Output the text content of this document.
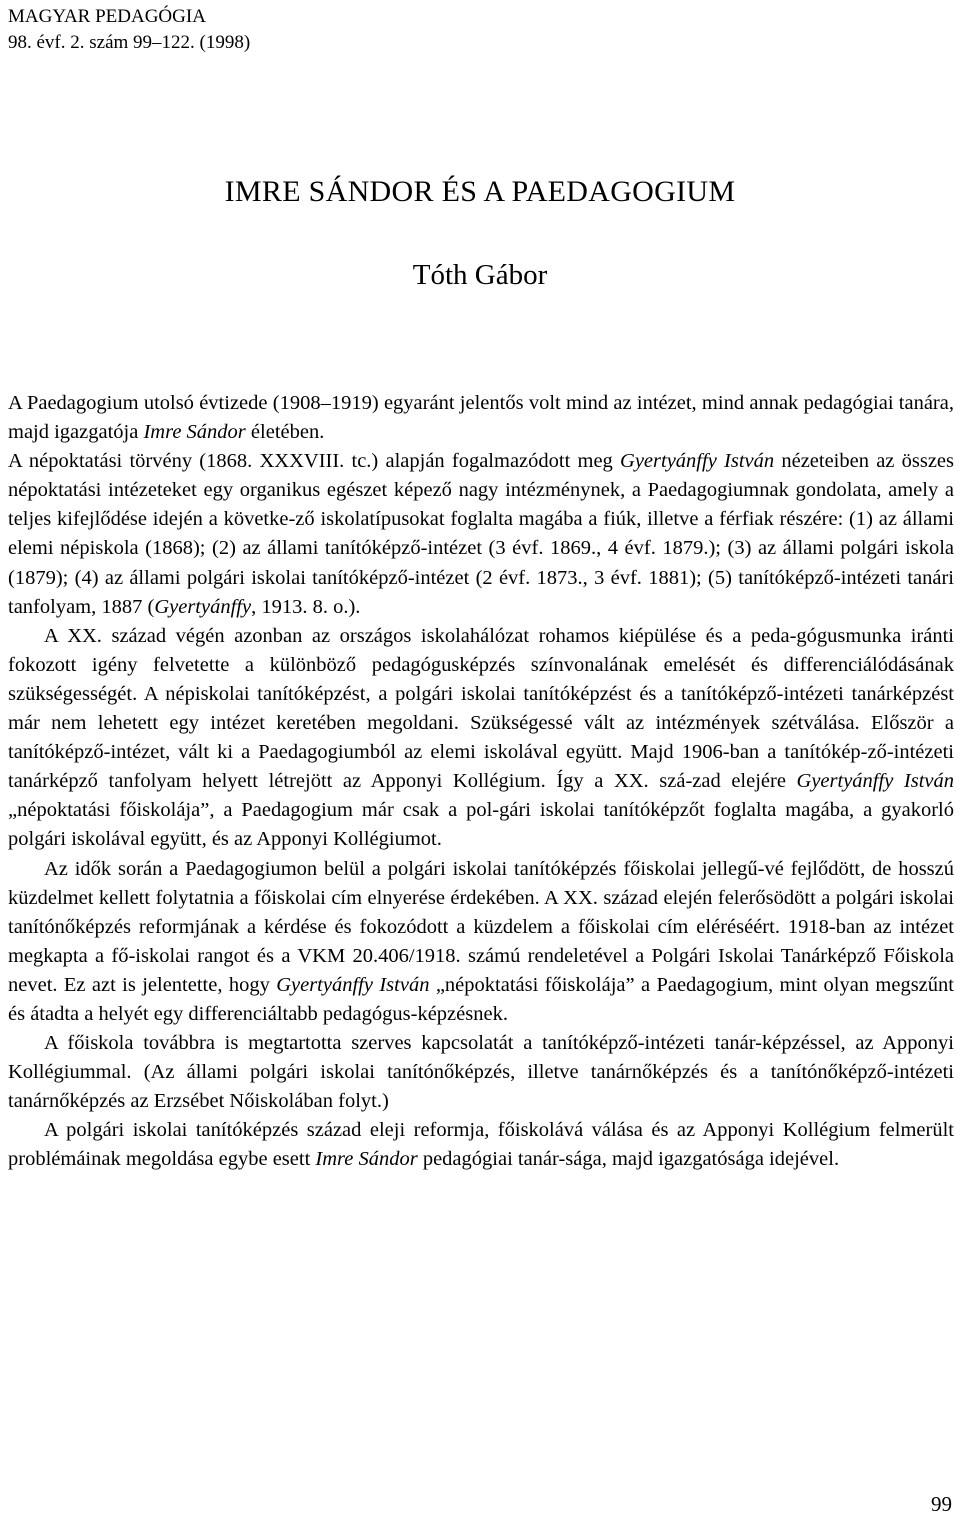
MAGYAR PEDAGÓGIA
98. évf. 2. szám 99–122. (1998)
IMRE SÁNDOR ÉS A PAEDAGOGIUM
Tóth Gábor

A Paedagogium utolsó évtizede (1908–1919) egyaránt jelentős volt mind az intézet, mind annak pedagógiai tanára, majd igazgatója Imre Sándor életében.

A népoktatási törvény (1868. XXXVIII. tc.) alapján fogalmazódott meg Gyertyánffy István nézeteiben az összes népoktatási intézeteket egy organikus egészet képező nagy intézménynek, a Paedagogiumnak gondolata, amely a teljes kifejlődése idején a követke-ző iskolatípusokat foglalta magába a fiúk, illetve a férfiak részére: (1) az állami elemi népiskola (1868); (2) az állami tanítóképző-intézet (3 évf. 1869., 4 évf. 1879.); (3) az állami polgári iskola (1879); (4) az állami polgári iskolai tanítóképző-intézet (2 évf. 1873., 3 évf. 1881); (5) tanítóképző-intézeti tanári tanfolyam, 1887 (Gyertyánffy, 1913. 8. o.).

A XX. század végén azonban az országos iskolahálózat rohamos kiépülése és a peda-gógusmunka iránti fokozott igény felvetette a különböző pedagógusképzés színvonalának emelését és differenciálódásának szükségességét. A népiskolai tanítóképzést, a polgári iskolai tanítóképzést és a tanítóképző-intézeti tanárképzést már nem lehetett egy intézet keretében megoldani. Szükségessé vált az intézmények szétválása. Először a tanítóképző-intézet, vált ki a Paedagogiumból az elemi iskolával együtt. Majd 1906-ban a tanítókép-ző-intézeti tanárképző tanfolyam helyett létrejött az Apponyi Kollégium. Így a XX. szá-zad elejére Gyertyánffy István „népoktatási főiskolája”, a Paedagogium már csak a pol-gári iskolai tanítóképzőt foglalta magába, a gyakorló polgári iskolával együtt, és az Apponyi Kollégiumot.

Az idők során a Paedagogiumon belül a polgári iskolai tanítóképzés főiskolai jellegű-vé fejlődött, de hosszú küzdelmet kellett folytatnia a főiskolai cím elnyerése érdekében. A XX. század elején felerősödött a polgári iskolai tanítónőképzés reformjának a kérdése és fokozódott a küzdelem a főiskolai cím eléréséért. 1918-ban az intézet megkapta a fő-iskolai rangot és a VKM 20.406/1918. számú rendeletével a Polgári Iskolai Tanárképző Főiskola nevet. Ez azt is jelentette, hogy Gyertyánffy István „népoktatási főiskolája” a Paedagogium, mint olyan megszűnt és átadta a helyét egy differenciáltabb pedagógus-képzésnek.

A főiskola továbbra is megtartotta szerves kapcsolatát a tanítóképző-intézeti tanár-képzéssel, az Apponyi Kollégiummal. (Az állami polgári iskolai tanítónőképzés, illetve tanárnőképzés és a tanítónőképző-intézeti tanárnőképzés az Erzsébet Nőiskolában folyt.)

A polgári iskolai tanítóképzés század eleji reformja, főiskolává válása és az Apponyi Kollégium felmerült problémáinak megoldása egybe esett Imre Sándor pedagógiai tanár-sága, majd igazgatósága idejével.

99
